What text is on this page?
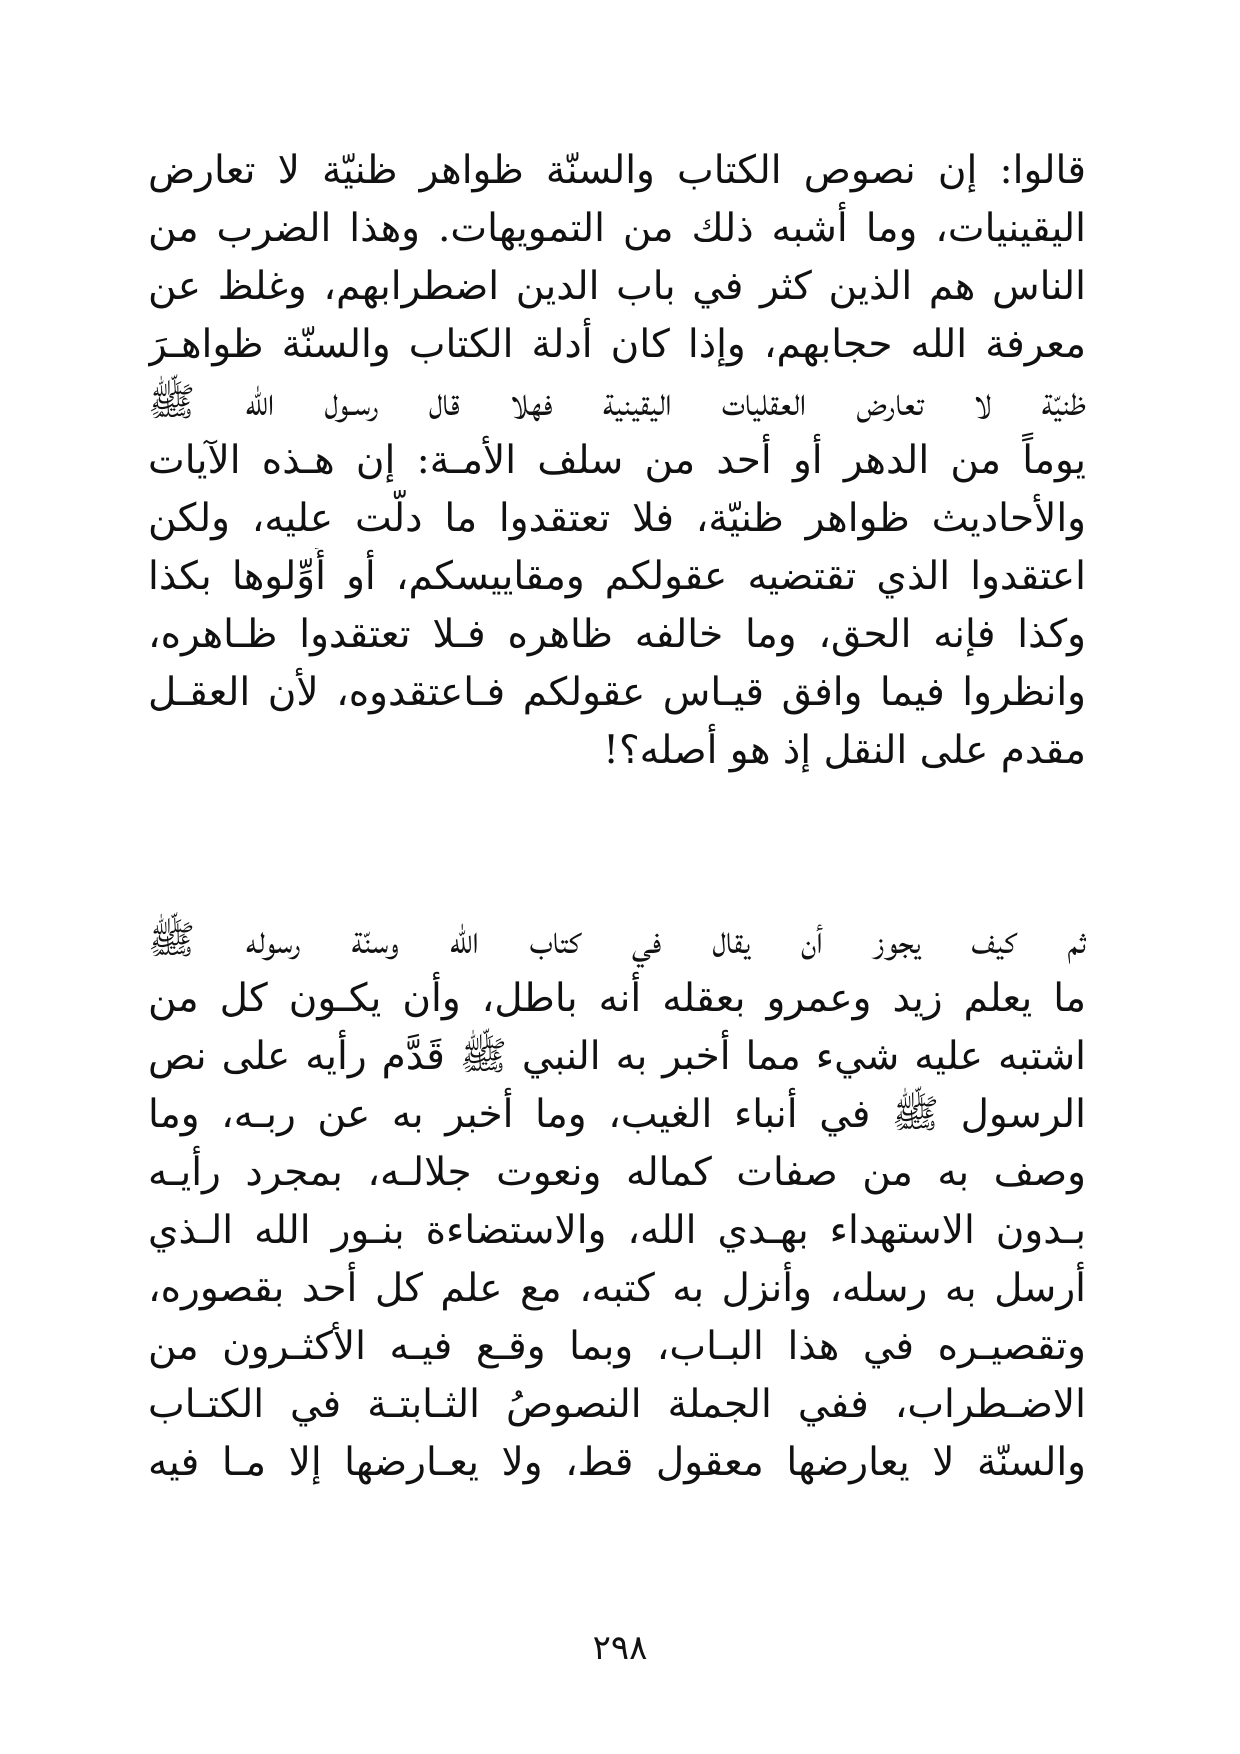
قالوا: إن نصوص الكتاب والسنّة ظواهر ظنيّة لا تعارض
اليقينيات، وما أشبه ذلك من التمويهات. وهذا الضرب من
الناس هم الذين كثر في باب الدين اضطرابهم، وغلظ عن
معرفة الله حجابهم، وإذا كان أدلة الكتاب والسنّة ظواهـرَ
ظنيّة لا تعارض العقليات اليقينية فهلا قال رسـول الله ﷺ
يوماً من الدهر أو أحد من سلف الأمـة: إن هـذه الآيات
والأحاديث ظواهر ظنيّة، فلا تعتقدوا ما دلّت عليه، ولكن
اعتقدوا الذي تقتضيه عقولكم ومقاييسكم، أو أَوِّلوها بكذا
وكذا فإنه الحق، وما خالفه ظاهره فـلا تعتقدوا ظـاهره،
وانظروا فيما وافق قيـاس عقولكم فـاعتقدوه، لأن العقـل
مقدم على النقل إذ هو أصله؟!
ثم كيف يجوز أن يقال في كتاب الله وسنّة رسوله ﷺ
ما يعلم زيد وعمرو بعقله أنه باطل، وأن يكـون كل من
اشتبه عليه شيء مما أخبر به النبي ﷺ قَدَّم رأيه على نص
الرسول ﷺ في أنباء الغيب، وما أخبر به عن ربـه، وما
وصف به من صفات كماله ونعوت جلالـه، بمجرد رأيـه
بـدون الاستهداء بهـدي الله، والاستضاءة بنـور الله الـذي
أرسل به رسله، وأنزل به كتبه، مع علم كل أحد بقصوره،
وتقصيـره في هذا البـاب، وبما وقـع فيـه الأكثـرون من
الاضـطراب، ففي الجملة النصوصُ الثـابتـة في الكتـاب
والسنّة لا يعارضها معقول قط، ولا يعـارضها إلا مـا فيه
٢٩٨
